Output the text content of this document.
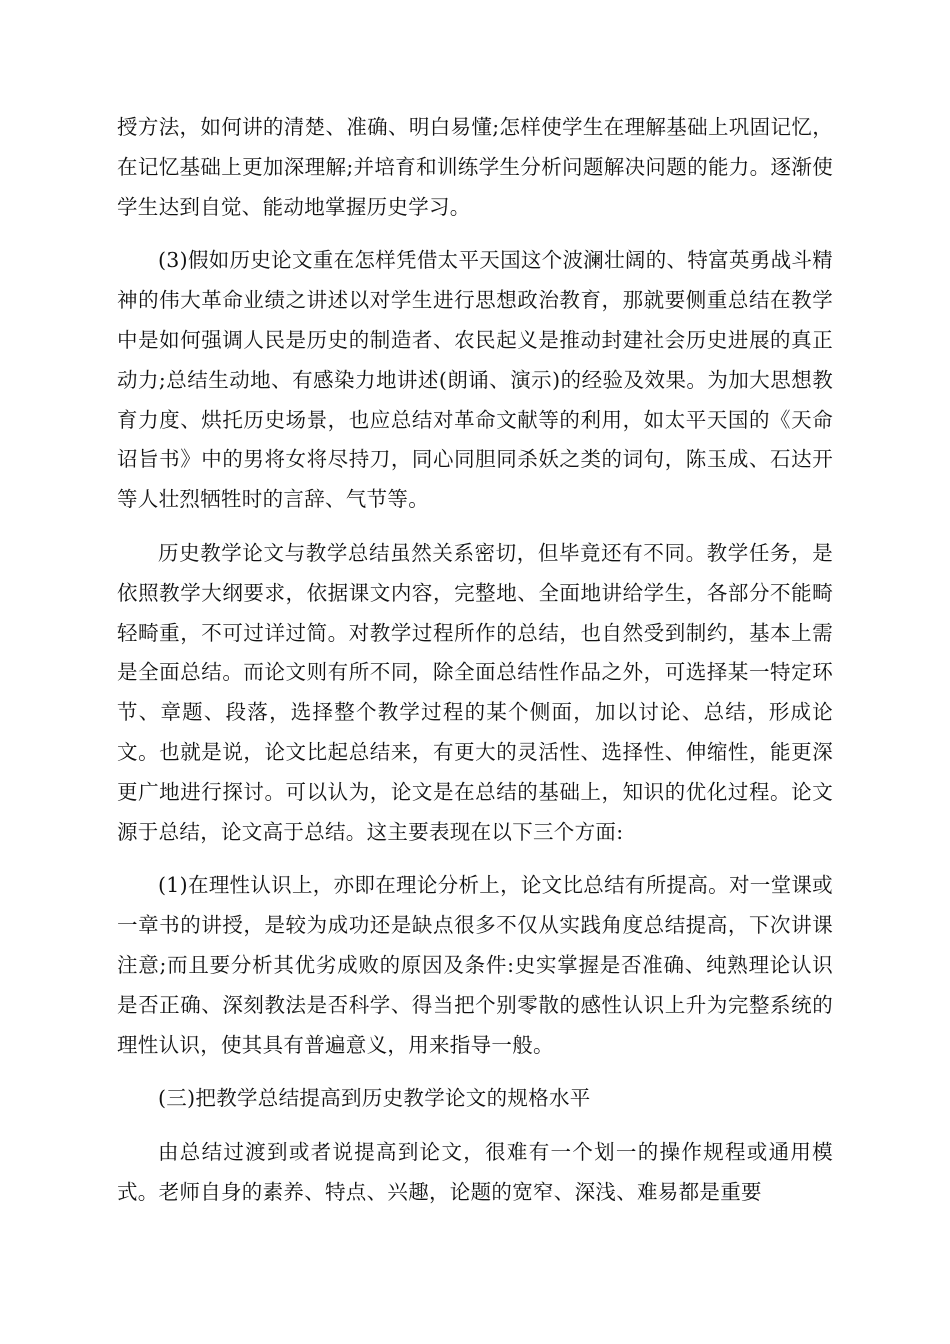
授方法，如何讲的清楚、准确、明白易懂;怎样使学生在理解基础上巩固记忆，在记忆基础上更加深理解;并培育和训练学生分析问题解决问题的能力。逐渐使学生达到自觉、能动地掌握历史学习。

(3)假如历史论文重在怎样凭借太平天国这个波澜壮阔的、特富英勇战斗精神的伟大革命业绩之讲述以对学生进行思想政治教育，那就要侧重总结在教学中是如何强调人民是历史的制造者、农民起义是推动封建社会历史进展的真正动力;总结生动地、有感染力地讲述(朗诵、演示)的经验及效果。为加大思想教育力度、烘托历史场景，也应总结对革命文献等的利用，如太平天国的《天命诏旨书》中的男将女将尽持刀，同心同胆同杀妖之类的词句，陈玉成、石达开等人壮烈牺牲时的言辞、气节等。

历史教学论文与教学总结虽然关系密切，但毕竟还有不同。教学任务，是依照教学大纲要求，依据课文内容，完整地、全面地讲给学生，各部分不能畸轻畸重，不可过详过简。对教学过程所作的总结，也自然受到制约，基本上需是全面总结。而论文则有所不同，除全面总结性作品之外，可选择某一特定环节、章题、段落，选择整个教学过程的某个侧面，加以讨论、总结，形成论文。也就是说，论文比起总结来，有更大的灵活性、选择性、伸缩性，能更深更广地进行探讨。可以认为，论文是在总结的基础上，知识的优化过程。论文源于总结，论文高于总结。这主要表现在以下三个方面:

(1)在理性认识上，亦即在理论分析上，论文比总结有所提高。对一堂课或一章书的讲授，是较为成功还是缺点很多不仅从实践角度总结提高，下次讲课注意;而且要分析其优劣成败的原因及条件:史实掌握是否准确、纯熟理论认识是否正确、深刻教法是否科学、得当把个别零散的感性认识上升为完整系统的理性认识，使其具有普遍意义，用来指导一般。

(三)把教学总结提高到历史教学论文的规格水平

由总结过渡到或者说提高到论文，很难有一个划一的操作规程或通用模式。老师自身的素养、特点、兴趣，论题的宽窄、深浅、难易都是重要
